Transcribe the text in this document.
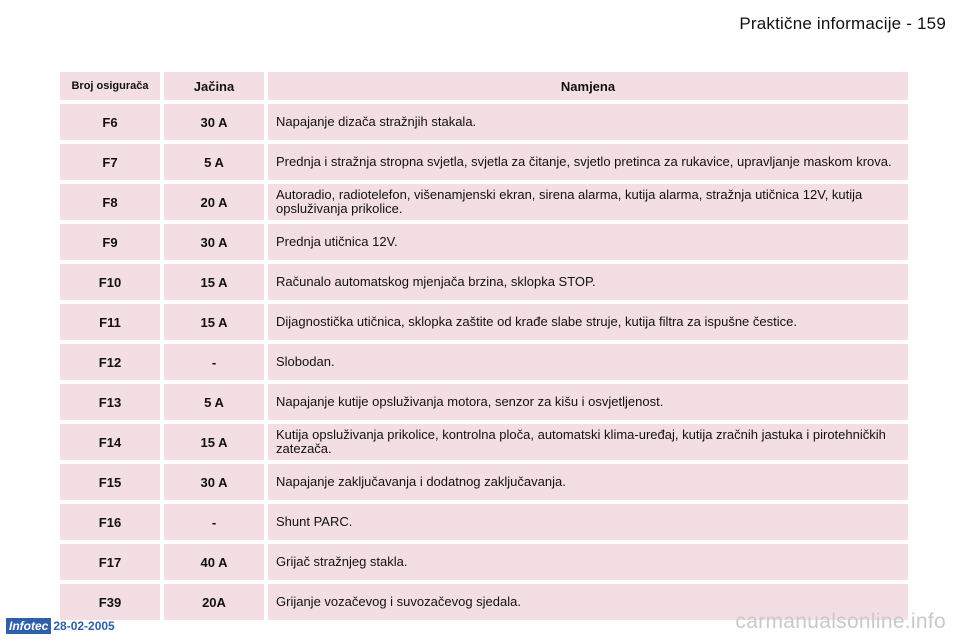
Praktične informacije - 159
Broj osigurača	Jačina	Namjena
F6	30 A	Napajanje dizača stražnjih stakala.
F7	5 A	Prednja i stražnja stropna svjetla, svjetla za čitanje, svjetlo pretinca za rukavice, upravljanje maskom krova.
F8	20 A	Autoradio, radiotelefon, višenamjenski ekran, sirena alarma, kutija alarma, stražnja utičnica 12V, kutija opsluživanja prikolice.
F9	30 A	Prednja utičnica 12V.
F10	15 A	Računalo automatskog mjenjača brzina, sklopka STOP.
F11	15 A	Dijagnostička utičnica, sklopka zaštite od krađe slabe struje, kutija filtra za ispušne čestice.
F12	-	Slobodan.
F13	5 A	Napajanje kutije opsluživanja motora, senzor za kišu i osvjetljenost.
F14	15 A	Kutija opsluživanja prikolice, kontrolna ploča, automatski klima-uređaj, kutija zračnih jastuka i pirotehničkih zatezača.
F15	30 A	Napajanje zaključavanja i dodatnog zaključavanja.
F16	-	Shunt PARC.
F17	40 A	Grijač stražnjeg stakla.
F39	20A	Grijanje vozačevog i suvozačevog sjedala.
Infotec 28-02-2005	carmanualsonline.info
